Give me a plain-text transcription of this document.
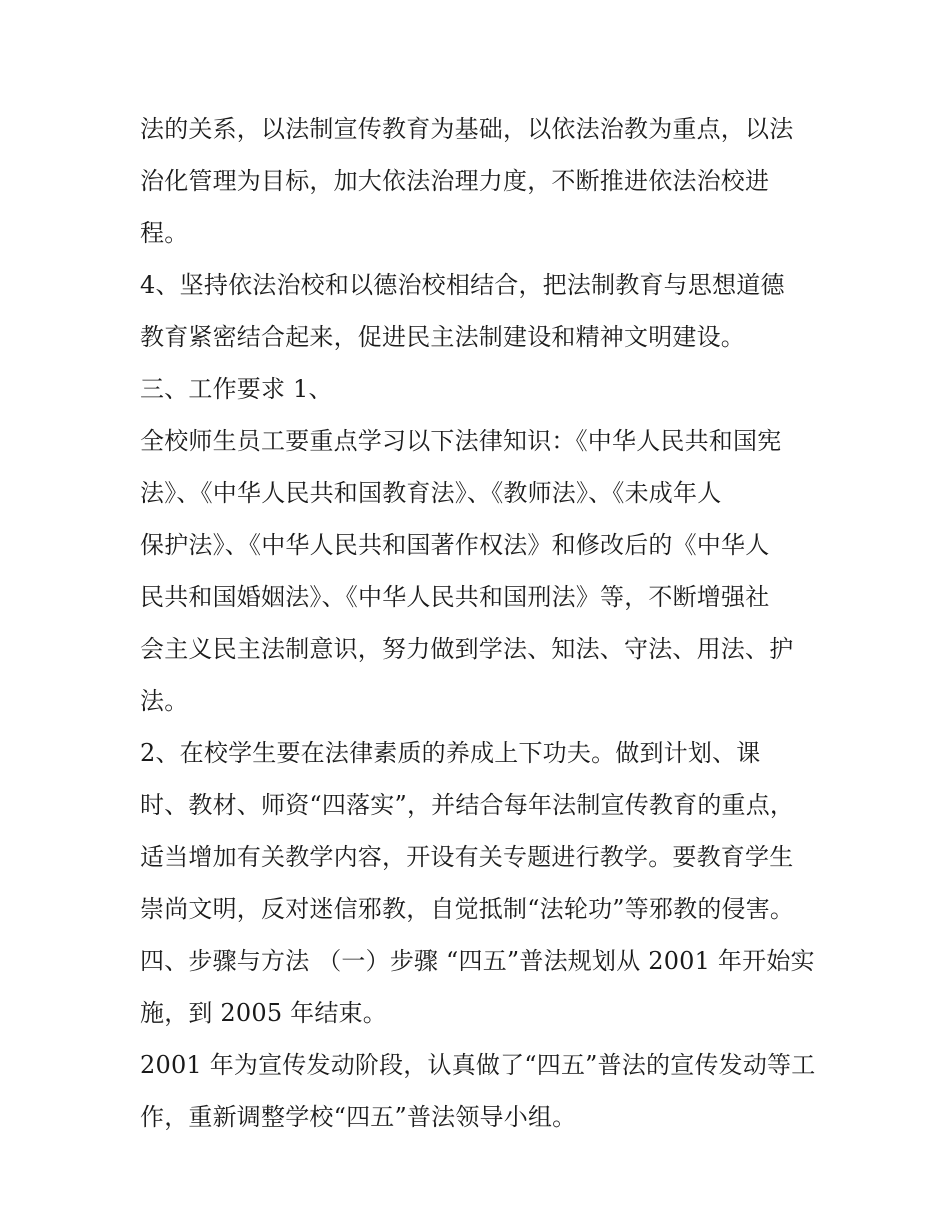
法的关系，以法制宣传教育为基础，以依法治教为重点，以法
治化管理为目标，加大依法治理力度，不断推进依法治校进
程。
4、坚持依法治校和以德治校相结合，把法制教育与思想道德
教育紧密结合起来，促进民主法制建设和精神文明建设。
三、工作要求 1、
全校师生员工要重点学习以下法律知识：《中华人民共和国宪
法》、《中华人民共和国教育法》、《教师法》、《未成年人
保护法》、《中华人民共和国著作权法》和修改后的《中华人
民共和国婚姻法》、《中华人民共和国刑法》等，不断增强社
会主义民主法制意识，努力做到学法、知法、守法、用法、护
法。
2、在校学生要在法律素质的养成上下功夫。做到计划、课
时、教材、师资“四落实”，并结合每年法制宣传教育的重点，
适当增加有关教学内容，开设有关专题进行教学。要教育学生
崇尚文明，反对迷信邪教，自觉抵制“法轮功”等邪教的侵害。
四、步骤与方法 （一）步骤 “四五”普法规划从 2001 年开始实
施，到 2005 年结束。
2001 年为宣传发动阶段，认真做了“四五”普法的宣传发动等工
作，重新调整学校“四五”普法领导小组。
